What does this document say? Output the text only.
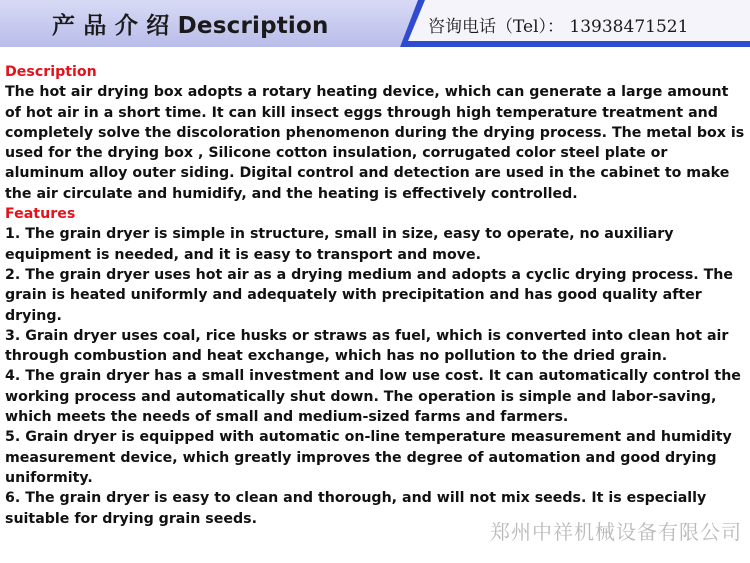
产 品 介 绍 Description	咨询电话（Tel）： 13938471521
Description

The hot air drying box adopts a rotary heating device, which can generate a large amount of hot air in a short time. It can kill insect eggs through high temperature treatment and completely solve the discoloration phenomenon during the drying process. The metal box is used for the drying box , Silicone cotton insulation, corrugated color steel plate or aluminum alloy outer siding. Digital control and detection are used in the cabinet to make the air circulate and humidify, and the heating is effectively controlled.

Features

1. The grain dryer is simple in structure, small in size, easy to operate, no auxiliary equipment is needed, and it is easy to transport and move.

2. The grain dryer uses hot air as a drying medium and adopts a cyclic drying process. The grain is heated uniformly and adequately with precipitation and has good quality after drying.

3. Grain dryer uses coal, rice husks or straws as fuel, which is converted into clean hot air through combustion and heat exchange, which has no pollution to the dried grain.

4. The grain dryer has a small investment and low use cost. It can automatically control the working process and automatically shut down. The operation is simple and labor-saving, which meets the needs of small and medium-sized farms and farmers.

5. Grain dryer is equipped with automatic on-line temperature measurement and humidity measurement device, which greatly improves the degree of automation and good drying uniformity.

6. The grain dryer is easy to clean and thorough, and will not mix seeds. It is especially suitable for drying grain seeds.

郑州中祥机械设备有限公司
